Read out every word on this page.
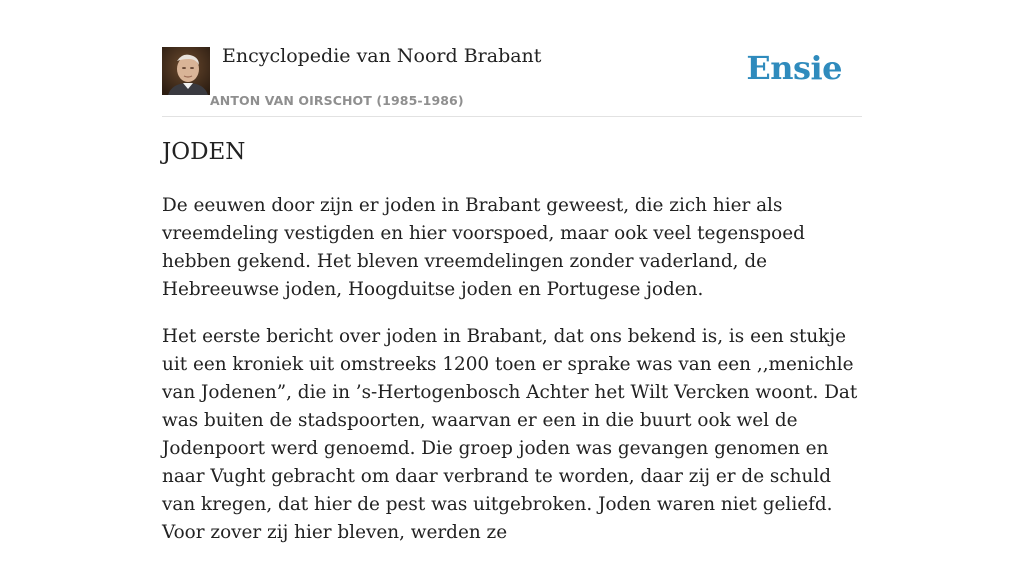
Encyclopedie van Noord Brabant
ANTON VAN OIRSCHOT (1985-1986)
Ensie
JODEN

De eeuwen door zijn er joden in Brabant geweest, die zich hier als vreemdeling vestigden en hier voorspoed, maar ook veel tegenspoed hebben gekend. Het bleven vreemdelingen zonder vaderland, de Hebreeuwse joden, Hoogduitse joden en Portugese joden.

Het eerste bericht over joden in Brabant, dat ons bekend is, is een stukje uit een kroniek uit omstreeks 1200 toen er sprake was van een ,,menichle van Jodenen”, die in ’s-Hertogenbosch Achter het Wilt Vercken woont. Dat was buiten de stadspoorten, waarvan er een in die buurt ook wel de Jodenpoort werd genoemd. Die groep joden was gevangen genomen en naar Vught gebracht om daar verbrand te worden, daar zij er de schuld van kregen, dat hier de pest was uitgebroken. Joden waren niet geliefd. Voor zover zij hier bleven, werden ze
